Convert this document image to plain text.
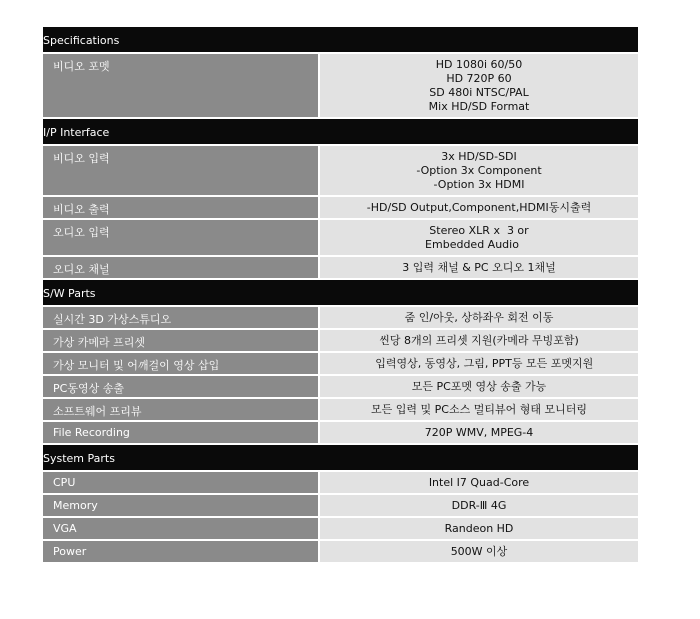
Specifications
비디오 포멧	HD 1080i 60/50
HD 720P 60
SD 480i NTSC/PAL
Mix HD/SD Format
I/P Interface
비디오 입력	3x HD/SD-SDI
-Option 3x Component
-Option 3x HDMI
비디오 출력	-HD/SD Output,Component,HDMI동시출력
오디오 입력	Stereo XLR x  3 or
Embedded Audio
오디오 채널	3 입력 채널 & PC 오디오 1채널
S/W Parts
실시간 3D 가상스튜디오	줌 인/아웃, 상하좌우 회전 이동
가상 카메라 프리셋	씬당 8개의 프리셋 지원(카메라 무빙포함)
가상 모니터 및 어깨걸이 영상 삽입	입력영상, 동영상, 그림, PPT등 모든 포멧지원
PC동영상 송출	모든 PC포멧 영상 송출 가능
소프트웨어 프리뷰	모든 입력 및 PC소스 멀티뷰어 형태 모니터링
File Recording	720P WMV, MPEG-4
System Parts
CPU	Intel I7 Quad-Core
Memory	DDR-Ⅲ 4G
VGA	Randeon HD
Power	500W 이상
